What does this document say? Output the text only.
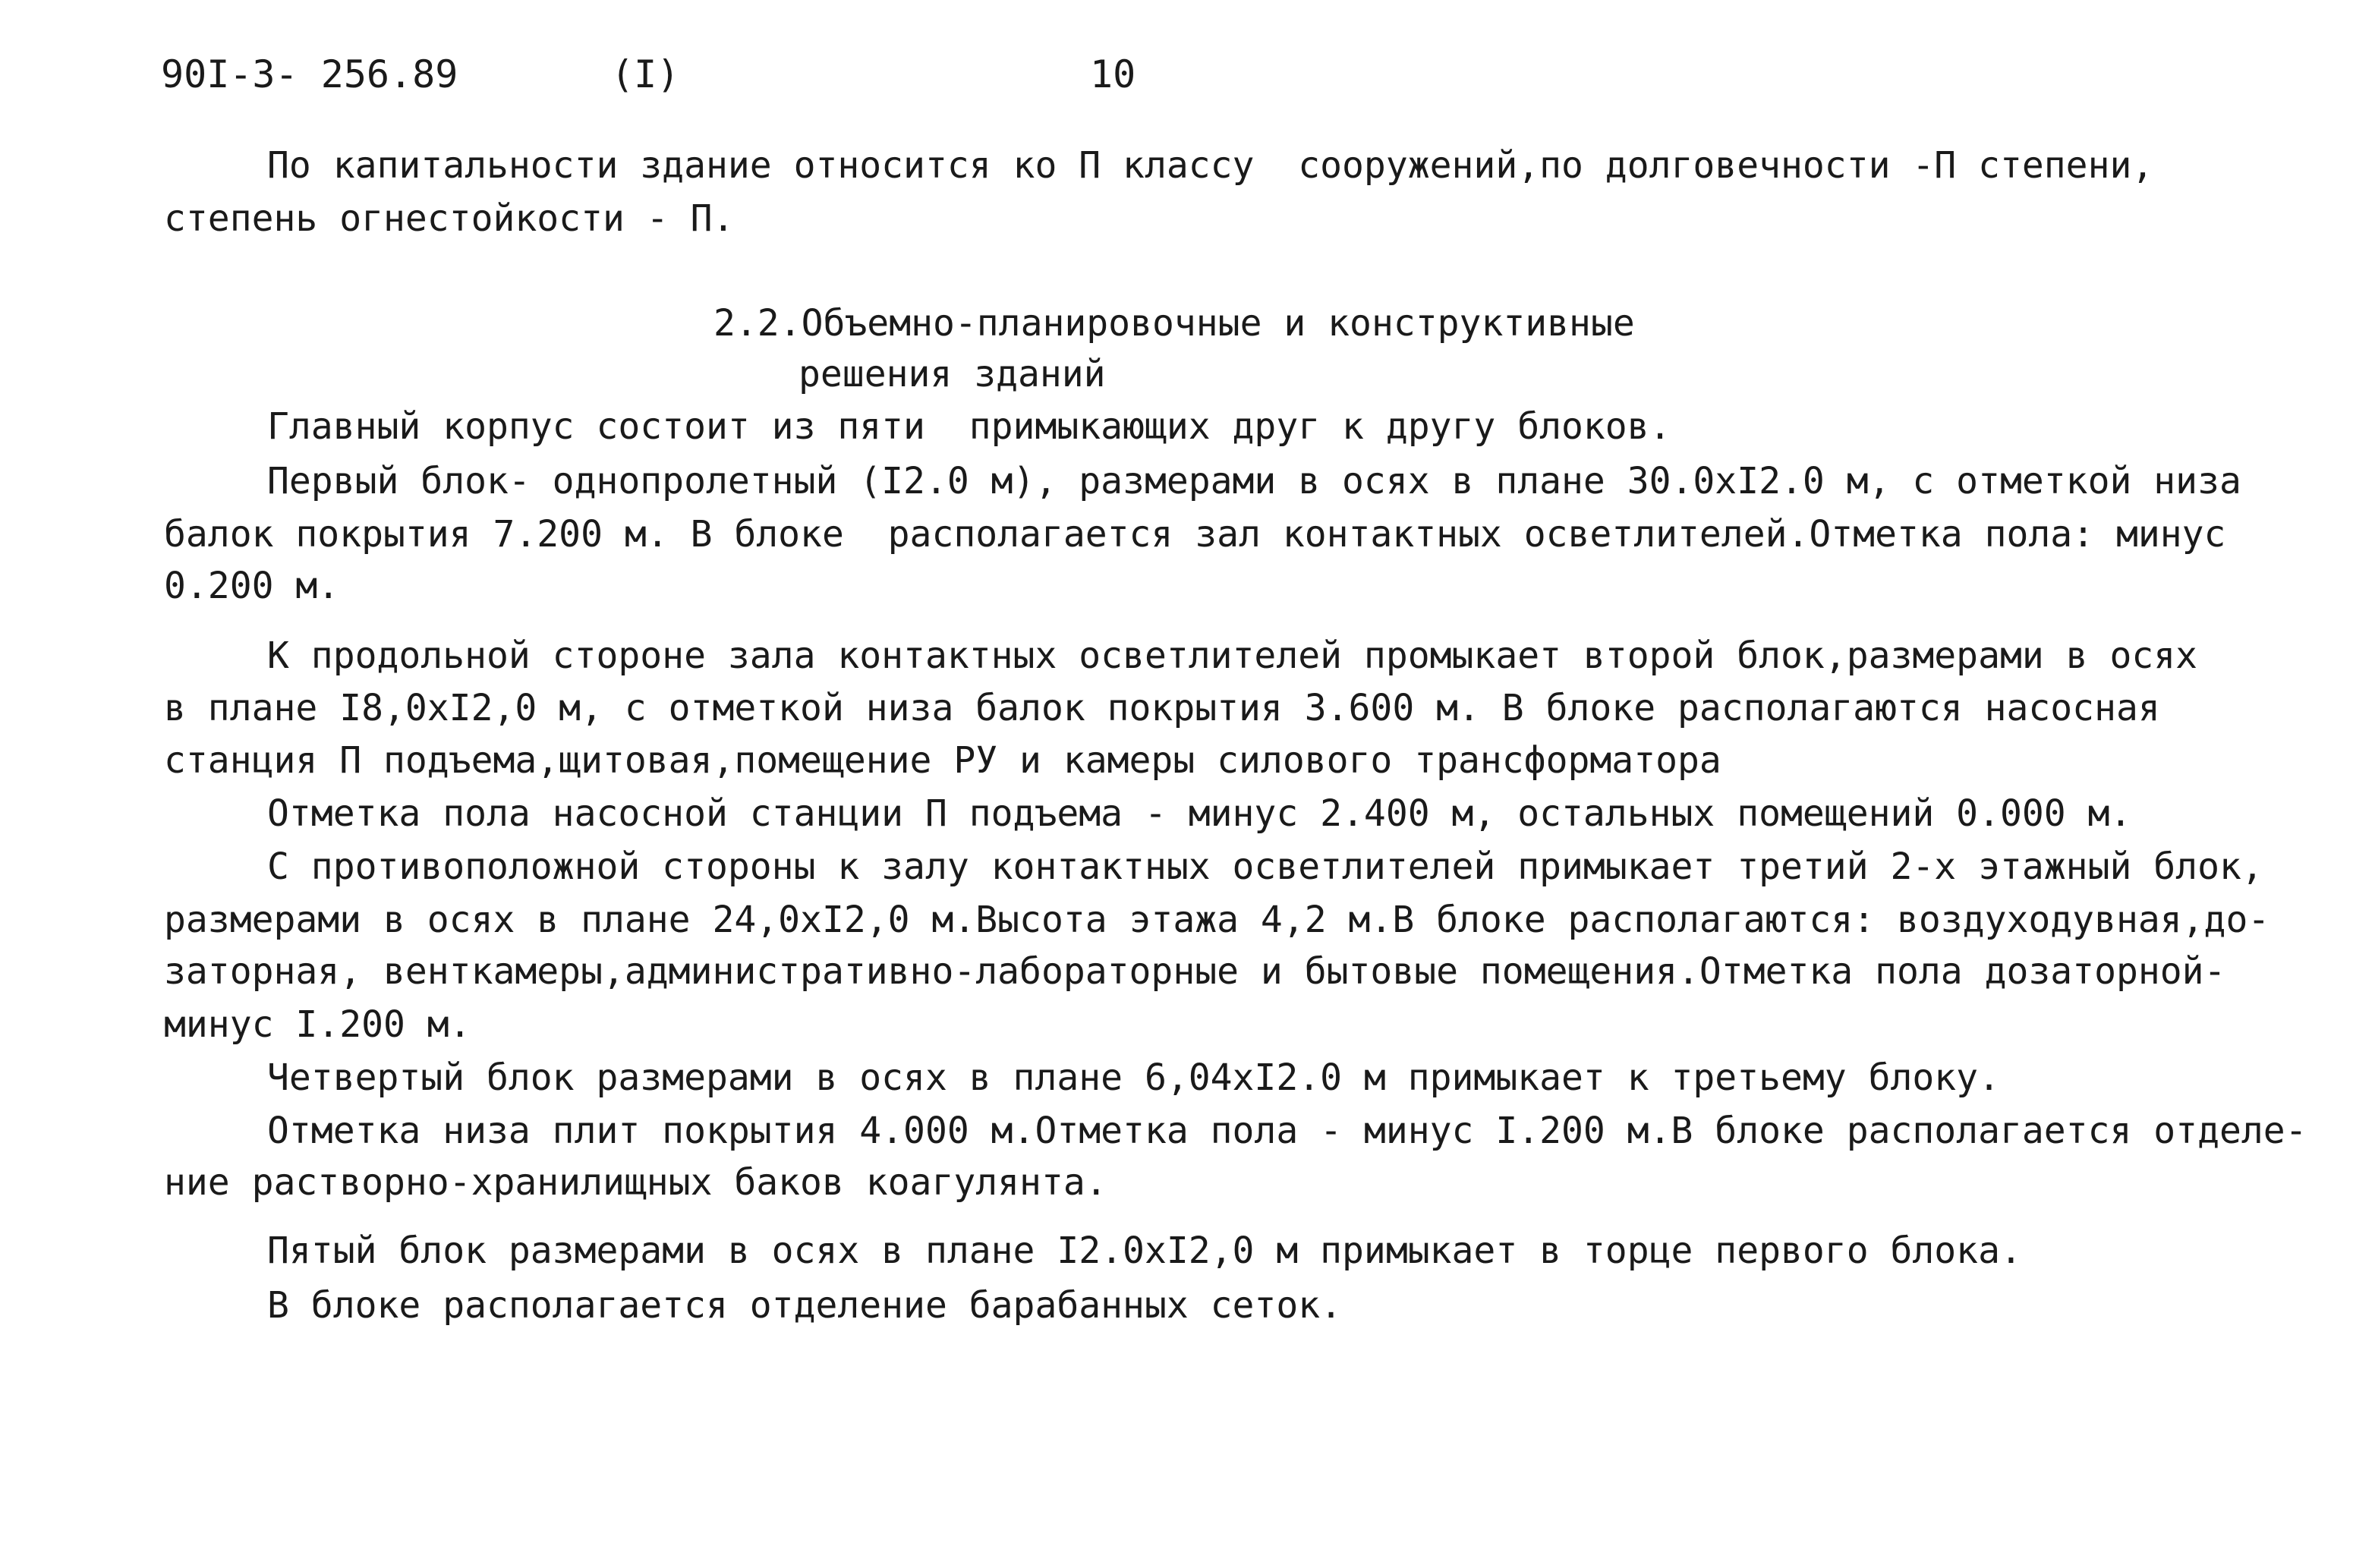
90I-3- 256.89	(I)	10
По капитальности здание относится ко П классу  сооружений,по долговечности -П степени,
степень огнестойкости - П.
2.2.Объемно-планировочные и конструктивные
решения зданий
Главный корпус состоит из пяти  примыкающих друг к другу блоков.
Первый блок- однопролетный (I2.0 м), размерами в осях в плане 30.0хI2.0 м, с отметкой низа
балок покрытия 7.200 м. В блоке  располагается зал контактных осветлителей.Отметка пола: минус
0.200 м.
К продольной стороне зала контактных осветлителей промыкает второй блок,размерами в осях
в плане I8,0хI2,0 м, с отметкой низа балок покрытия 3.600 м. В блоке располагаются насосная
станция П подъема,щитовая,помещение РУ и камеры силового трансформатора
Отметка пола насосной станции П подъема - минус 2.400 м, остальных помещений 0.000 м.
С противоположной стороны к залу контактных осветлителей примыкает третий 2-х этажный блок,
размерами в осях в плане 24,0хI2,0 м.Высота этажа 4,2 м.В блоке располагаются: воздуходувная,до-
заторная, венткамеры,административно-лабораторные и бытовые помещения.Отметка пола дозаторной-
минус I.200 м.
Четвертый блок размерами в осях в плане 6,04хI2.0 м примыкает к третьему блоку.
Отметка низа плит покрытия 4.000 м.Отметка пола - минус I.200 м.В блоке располагается отделе-
ние растворно-хранилищных баков коагулянта.
Пятый блок размерами в осях в плане I2.0хI2,0 м примыкает в торце первого блока.
В блоке располагается отделение барабанных сеток.
